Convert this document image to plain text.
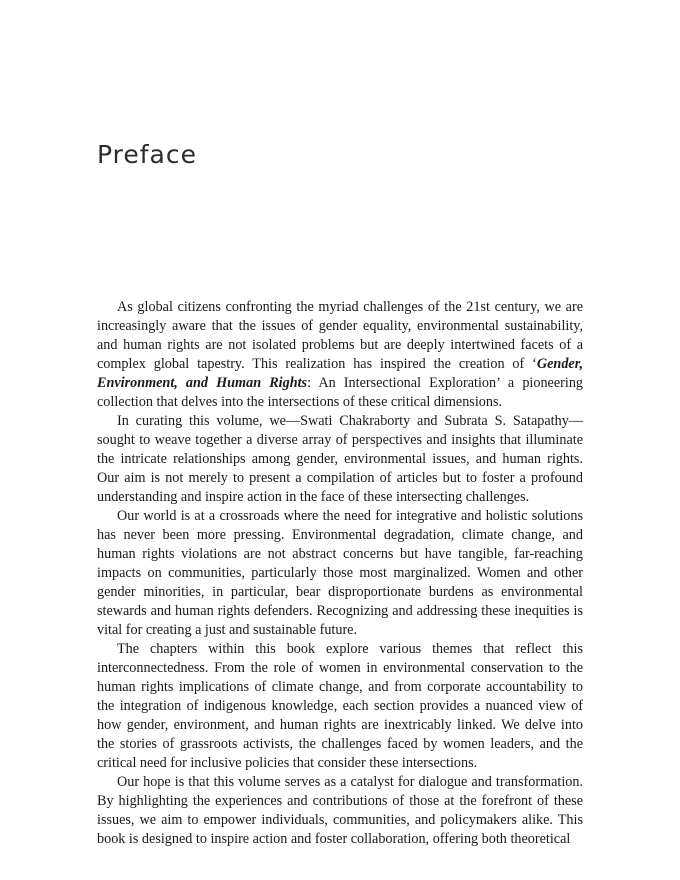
Preface

As global citizens confronting the myriad challenges of the 21st century, we are increasingly aware that the issues of gender equality, environmental sustainability, and human rights are not isolated problems but are deeply intertwined facets of a complex global tapestry. This realization has inspired the creation of ‘Gender, Environment, and Human Rights: An Intersectional Exploration’ a pioneering collection that delves into the intersections of these critical dimensions.

In curating this volume, we—Swati Chakraborty and Subrata S. Satapathy—sought to weave together a diverse array of perspectives and insights that illuminate the intricate relationships among gender, environmental issues, and human rights. Our aim is not merely to present a compilation of articles but to foster a profound understanding and inspire action in the face of these intersecting challenges.

Our world is at a crossroads where the need for integrative and holistic solutions has never been more pressing. Environmental degradation, climate change, and human rights violations are not abstract concerns but have tangible, far-reaching impacts on communities, particularly those most marginalized. Women and other gender minorities, in particular, bear disproportionate burdens as environmental stewards and human rights defenders. Recognizing and addressing these inequities is vital for creating a just and sustainable future.

The chapters within this book explore various themes that reflect this interconnectedness. From the role of women in environmental conservation to the human rights implications of climate change, and from corporate accountability to the integration of indigenous knowledge, each section provides a nuanced view of how gender, environment, and human rights are inextricably linked. We delve into the stories of grassroots activists, the challenges faced by women leaders, and the critical need for inclusive policies that consider these intersections.

Our hope is that this volume serves as a catalyst for dialogue and transformation. By highlighting the experiences and contributions of those at the forefront of these issues, we aim to empower individuals, communities, and policymakers alike. This book is designed to inspire action and foster collaboration, offering both theoretical
